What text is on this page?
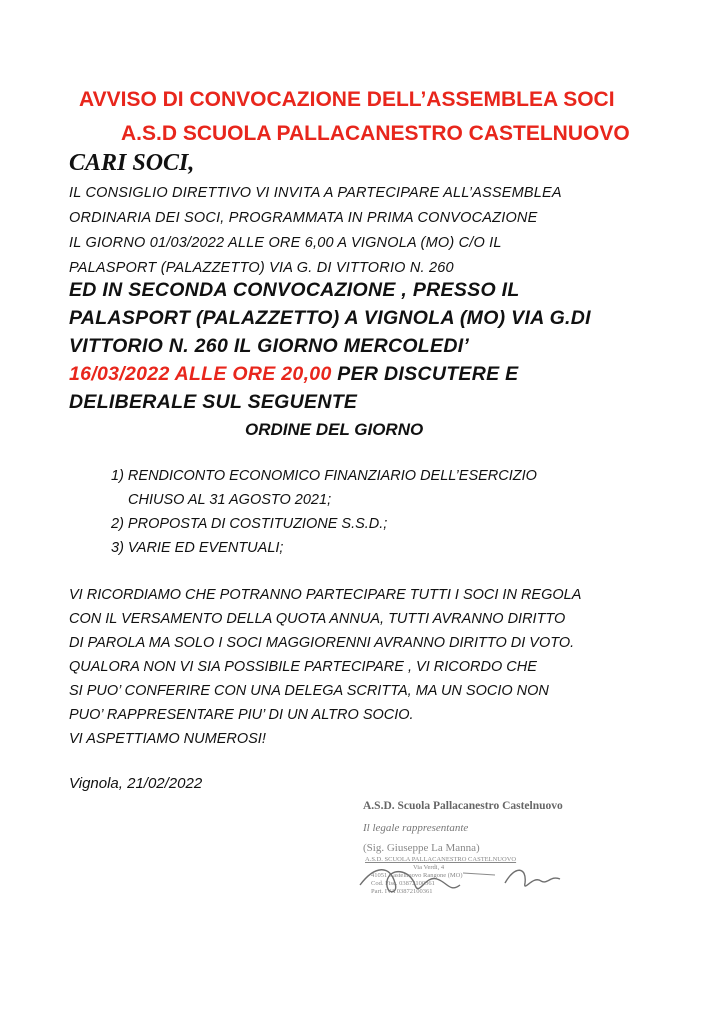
AVVISO DI CONVOCAZIONE DELL’ASSEMBLEA SOCI
A.S.D SCUOLA PALLACANESTRO CASTELNUOVO
CARI SOCI,
IL CONSIGLIO DIRETTIVO VI INVITA A PARTECIPARE ALL’ASSEMBLEA
ORDINARIA DEI SOCI, PROGRAMMATA IN PRIMA CONVOCAZIONE
IL GIORNO 01/03/2022 ALLE ORE 6,00 A VIGNOLA (MO) C/O IL
PALASPORT (PALAZZETTO) VIA G. DI VITTORIO N. 260
ED IN SECONDA CONVOCAZIONE , PRESSO IL
PALASPORT (PALAZZETTO) A VIGNOLA (MO) VIA G.DI
VITTORIO N. 260 IL GIORNO MERCOLEDI’
16/03/2022 ALLE ORE 20,00 PER DISCUTERE E
DELIBERALE SUL SEGUENTE
ORDINE DEL GIORNO
1) RENDICONTO ECONOMICO FINANZIARIO DELL’ESERCIZIO
CHIUSO AL 31 AGOSTO 2021;
2) PROPOSTA DI COSTITUZIONE S.S.D.;
3) VARIE ED EVENTUALI;
VI RICORDIAMO CHE POTRANNO PARTECIPARE TUTTI I SOCI IN REGOLA
CON IL VERSAMENTO DELLA QUOTA ANNUA, TUTTI AVRANNO DIRITTO
DI PAROLA MA SOLO I SOCI MAGGIORENNI AVRANNO DIRITTO DI VOTO.
QUALORA NON VI SIA POSSIBILE PARTECIPARE , VI RICORDO CHE
SI PUO’ CONFERIRE CON UNA DELEGA SCRITTA, MA UN SOCIO NON
PUO’ RAPPRESENTARE PIU’ DI UN ALTRO SOCIO.
VI ASPETTIAMO NUMEROSI!
Vignola, 21/02/2022
A.S.D. Scuola Pallacanestro Castelnuovo
Il legale rappresentante
(Sig. Giuseppe La Manna)
A.S.D. SCUOLA PALLACANESTRO CASTELNUOVO
Via Verdi, 4
41051 Castelnuovo Rangone (MO)
Cod. Fisc. 03872100361
Part. IVA 03872100361
